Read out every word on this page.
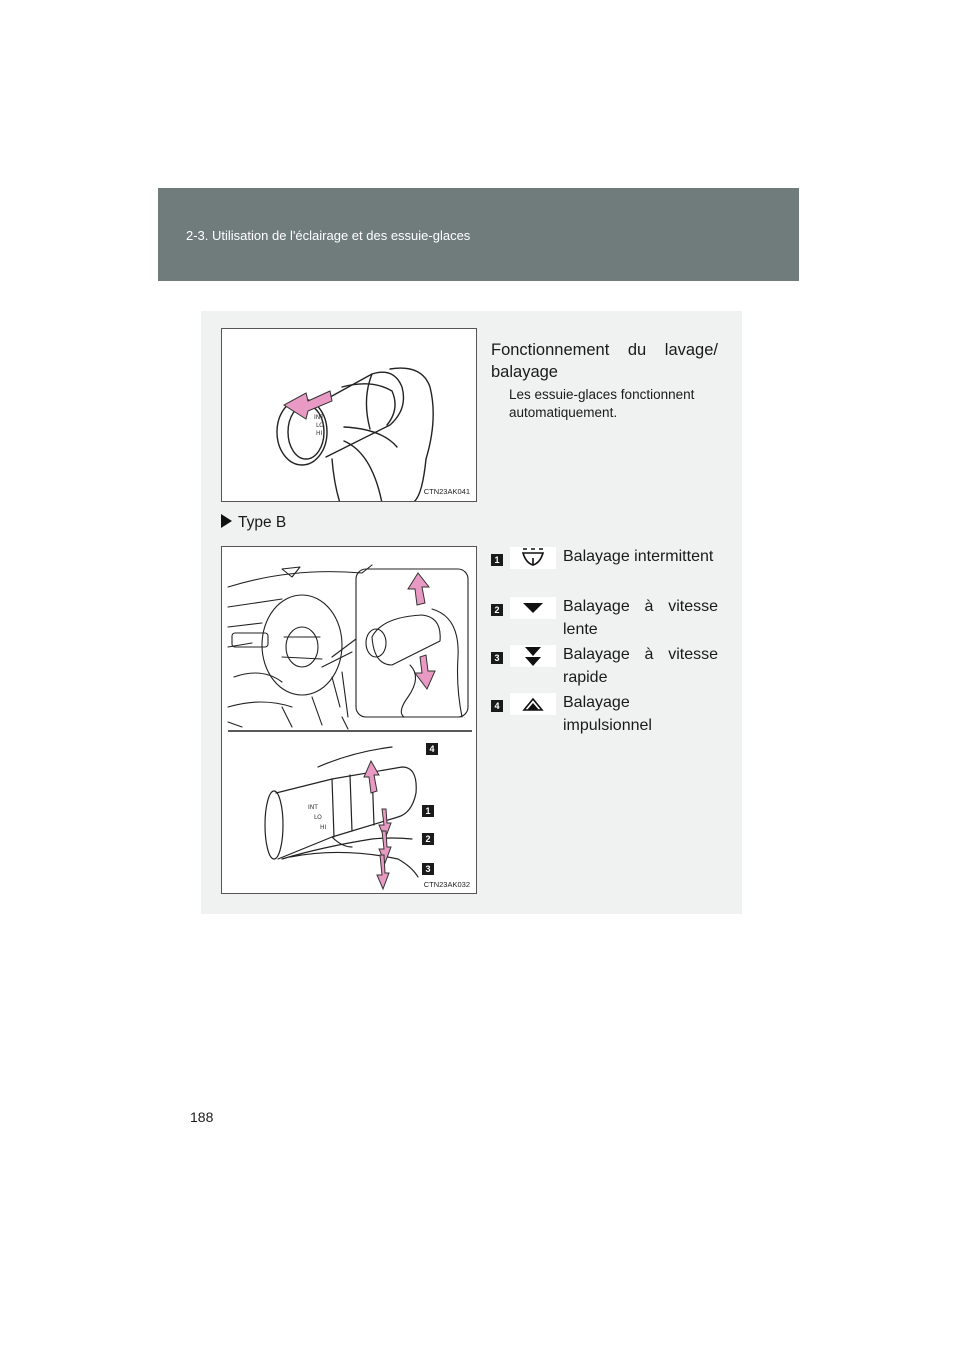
2-3. Utilisation de l'éclairage et des essuie-glaces
INT
LO
HI
CTN23AK041
Fonctionnement du lavage/ balayage
Les essuie-glaces fonctionnent automatiquement.
Type B
INT
LO
HI
4
1
2
3
CTN23AK032
1	Balayage intermittent
2	Balayage à vitesse lente
3	Balayage à vitesse rapide
4	Balayage impulsionnel
188
